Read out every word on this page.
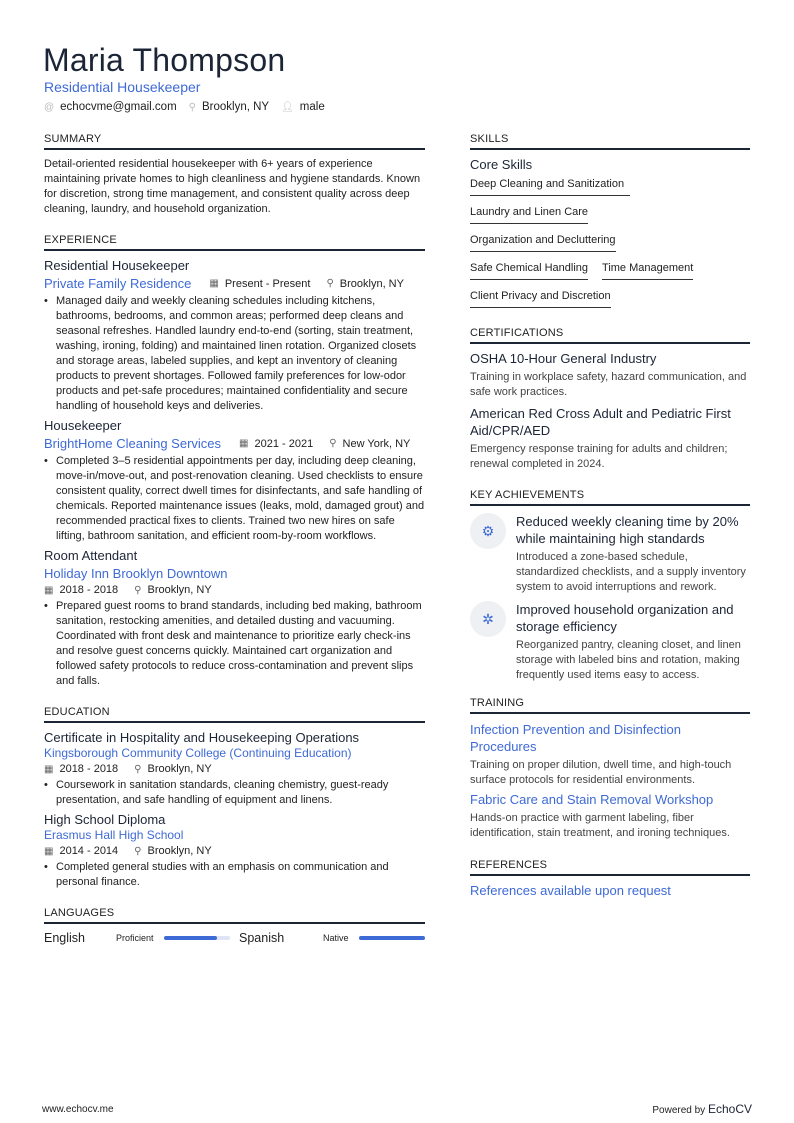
Maria Thompson
Residential Housekeeper
@ echocvme@gmail.com ⚲ Brooklyn, NY 👤︎ male
SUMMARY
Detail-oriented residential housekeeper with 6+ years of experience maintaining private homes to high cleanliness and hygiene standards. Known for discretion, strong time management, and consistent quality across deep cleaning, laundry, and household organization.
EXPERIENCE
Residential Housekeeper
Private Family Residence ▦ Present - Present ⚲ Brooklyn, NY
• Managed daily and weekly cleaning schedules including kitchens, bathrooms, bedrooms, and common areas; performed deep cleans and seasonal refreshes. Handled laundry end-to-end (sorting, stain treatment, washing, ironing, folding) and maintained linen rotation. Organized closets and storage areas, labeled supplies, and kept an inventory of cleaning products to prevent shortages. Followed family preferences for low-odor products and pet-safe procedures; maintained confidentiality and secure handling of household keys and deliveries.
Housekeeper
BrightHome Cleaning Services ▦ 2021 - 2021 ⚲ New York, NY
• Completed 3–5 residential appointments per day, including deep cleaning, move-in/move-out, and post-renovation cleaning. Used checklists to ensure consistent quality, correct dwell times for disinfectants, and safe handling of chemicals. Reported maintenance issues (leaks, mold, damaged grout) and recommended practical fixes to clients. Trained two new hires on safe lifting, bathroom sanitation, and efficient room-by-room workflows.
Room Attendant
Holiday Inn Brooklyn Downtown
▦ 2018 - 2018 ⚲ Brooklyn, NY
• Prepared guest rooms to brand standards, including bed making, bathroom sanitation, restocking amenities, and detailed dusting and vacuuming. Coordinated with front desk and maintenance to prioritize early check-ins and resolve guest concerns quickly. Maintained cart organization and followed safety protocols to reduce cross-contamination and prevent slips and falls.
EDUCATION
Certificate in Hospitality and Housekeeping Operations
Kingsborough Community College (Continuing Education)
▦ 2018 - 2018 ⚲ Brooklyn, NY
• Coursework in sanitation standards, cleaning chemistry, guest-ready presentation, and safe handling of equipment and linens.
High School Diploma
Erasmus Hall High School
▦ 2014 - 2014 ⚲ Brooklyn, NY
• Completed general studies with an emphasis on communication and personal finance.
LANGUAGES
English	Proficient	Spanish	Native
SKILLS
Core Skills
Deep Cleaning and Sanitization
Laundry and Linen Care
Organization and Decluttering
Safe Chemical Handling Time Management
Client Privacy and Discretion
CERTIFICATIONS
OSHA 10-Hour General Industry
Training in workplace safety, hazard communication, and safe work practices.
American Red Cross Adult and Pediatric First Aid/CPR/AED
Emergency response training for adults and children; renewal completed in 2024.
KEY ACHIEVEMENTS
⚙
Reduced weekly cleaning time by 20% while maintaining high standards
Introduced a zone-based schedule, standardized checklists, and a supply inventory system to avoid interruptions and rework.
✲
Improved household organization and storage efficiency
Reorganized pantry, cleaning closet, and linen storage with labeled bins and rotation, making frequently used items easy to access.
TRAINING
Infection Prevention and Disinfection Procedures
Training on proper dilution, dwell time, and high-touch surface protocols for residential environments.
Fabric Care and Stain Removal Workshop
Hands-on practice with garment labeling, fiber identification, stain treatment, and ironing techniques.
REFERENCES
References available upon request
www.echocv.me	Powered by EchoCV
